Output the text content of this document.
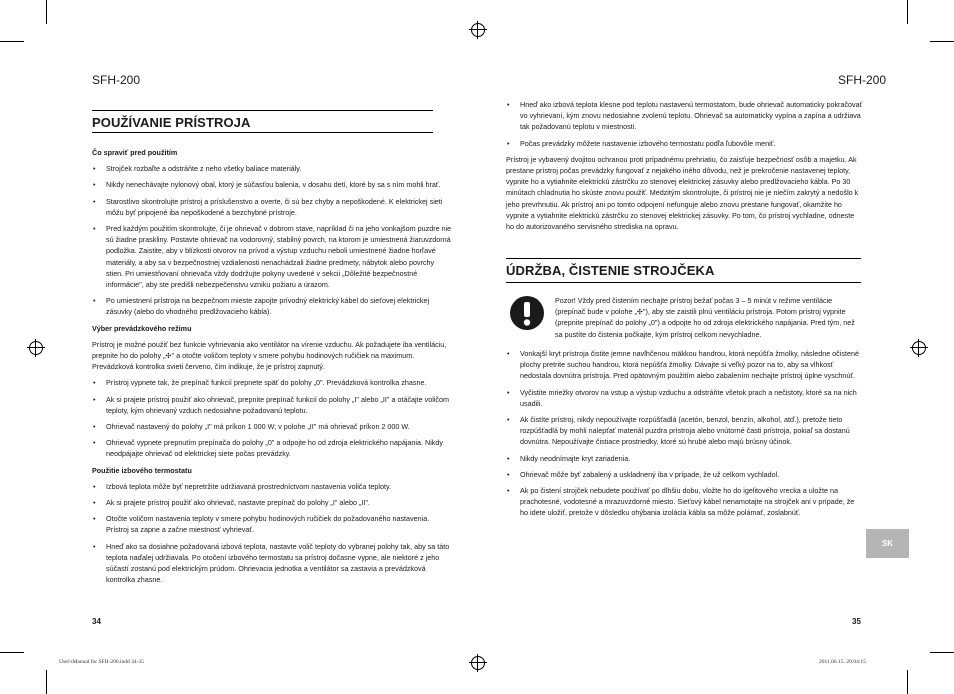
SFH-200	SFH-200
POUŽÍVANIE PRÍSTROJA
Čo spraviť pred použitím
• Strojček rozbaľte a odstráňte z neho všetky baliace materiály.
• Nikdy nenechávajte nylonový obal, ktorý je súčasťou balenia, v dosahu detí, ktoré by sa s ním mohli hrať.
• Starostlivo skontrolujte prístroj a príslušenstvo a overte, či sú bez chyby a nepoškodené. K elektrickej sieti môžu byť pripojené iba nepoškodené a bezchybné prístroje.
• Pred každým použitím skontrolujte, či je ohrievač v dobrom stave, napríklad či na jeho vonkajšom puzdre nie sú žiadne praskliny. Postavte ohrievač na vodorovný, stabilný povrch, na ktorom je umiestnená žiaruvzdorná podložka. Zaistite, aby v blízkosti otvorov na prívod a výstup vzduchu neboli umiestnené žiadne horľavé materiály, a aby sa v bezpečnostnej vzdialenosti nenachádzali žiadne predmety, nábytok alebo povrchy stien. Pri umiestňovaní ohrievača vždy dodržujte pokyny uvedené v sekcii „Dôležité bezpečnostné informácie", aby ste predišli nebezpečenstvu vzniku požiaru a úrazom.
• Po umiestnení prístroja na bezpečnom mieste zapojte prívodný elektrický kábel do sieťovej elektrickej zásuvky (alebo do vhodného predlžovacieho kábla).
Výber prevádzkového režimu

Prístroj je možné použiť bez funkcie vyhrievania ako ventilátor na vírenie vzduchu. Ak požadujete iba ventiláciu, prepnite ho do polohy „✣" a otočte voličom teploty v smere pohybu hodinových ručičiek na maximum. Prevádzková kontrolka svieti červeno, čím indikuje, že je prístroj zapnutý.

• Prístroj vypnete tak, že prepínač funkcií prepnete späť do polohy „0". Prevádzková kontrolka zhasne.
• Ak si prajete prístroj použiť ako ohrievač, prepnite prepínač funkcií do polohy „I" alebo „II" a otáčajte voličom teploty, kým ohrievaný vzduch nedosiahne požadovanú teplotu.
• Ohrievač nastavený do polohy „I" má príkon 1 000 W; v polohe „II" má ohrievač príkon 2 000 W.
• Ohrievač vypnete prepnutím prepínača do polohy „0" a odpojte ho od zdroja elektrického napájania. Nikdy neodpájajte ohrievač od elektrickej siete počas prevádzky.
Použitie izbového termostatu
• Izbová teplota môže byť nepretržite udržiavaná prostredníctvom nastavenia voliča teploty.
• Ak si prajete prístroj použiť ako ohrievač, nastavte prepínač do polohy „I" alebo „II".
• Otočte voličom nastavenia teploty v smere pohybu hodinových ručičiek do požadovaného nastavenia. Prístroj sa zapne a začne miestnosť vyhrievať.
• Hneď ako sa dosiahne požadovaná izbová teplota, nastavte volič teploty do vybranej polohy tak, aby sa táto teplota naďalej udržiavala. Po otočení izbového termostatu sa prístroj dočasne vypne, ale niektoré z jeho súčastí zostanú pod elektrickým prúdom. Ohrievacia jednotka a ventilátor sa zastavia a prevádzková kontrolka zhasne.
34
• Hneď ako izbová teplota klesne pod teplotu nastavenú termostatom, bude ohrievač automaticky pokračovať vo vyhrievaní, kým znovu nedosiahne zvolenú teplotu. Ohrievač sa automaticky vypína a zapína a udržiava tak požadovanú teplotu v miestnosti.
• Počas prevádzky môžete nastavenie izbového termostatu podľa ľubovôle meniť.

Prístroj je vybavený dvojitou ochranou proti prípadnému prehriatiu, čo zaisťuje bezpečnosť osôb a majetku. Ak prestane prístroj počas prevádzky fungovať z nejakého iného dôvodu, než je prekročenie nastavenej teploty, vypnite ho a vytiahnite elektrickú zástrčku zo stenovej elektrickej zásuvky alebo predlžovacieho kábla. Po 30 minútach chladnutia ho skúste znovu použiť. Medzitým skontrolujte, či prístroj nie je niečím zakrytý a nedošlo k jeho prevrhnutiu. Ak prístroj ani po tomto odpojení nefunguje alebo znovu prestane fungovať, okamžite ho vypnite a vytiahnite elektrickú zástrčku zo stenovej elektrickej zásuvky. Po tom, čo prístroj vychladne, odneste ho do autorizovaného servisného strediska na opravu.

ÚDRŽBA, ČISTENIE STROJČEKA

Pozor! Vždy pred čistením nechajte prístroj bežať počas 3 – 5 minút v režime ventilácie (prepínač bude v polohe „✣"), aby ste zaistili plnú ventiláciu prístroja. Potom prístroj vypnite (prepnite prepínač do polohy „0") a odpojte ho od zdroja elektrického napájania. Pred tým, než sa pustíte do čistenia počkajte, kým prístroj celkom nevychladne.

• Vonkajší kryt prístroja čistite jemne navlhčenou mäkkou handrou, ktorá nepúšťa žmolky, následne očistené plochy pretrite suchou handrou, ktorá nepúšťa žmolky. Dávajte si veľký pozor na to, aby sa vlhkosť nedostala dovnútra prístroja. Pred opätovným použitím alebo zabalením nechajte prístroj úplne vyschnúť.
• Vyčistite mriežky otvorov na vstup a výstup vzduchu a odstráňte všetok prach a nečistoty, ktoré sa na nich usadili.
• Ak čistíte prístroj, nikdy nepoužívajte rozpúšťadlá (acetón, benzol, benzín, alkohol, atď.), pretože tieto rozpúšťadlá by mohli nalepťať materiál puzdra prístroja alebo vnútorné časti prístroja, pokiaľ sa dostanú dovnútra. Nepoužívajte čistiace prostriedky, ktoré sú hrubé alebo majú brúsny účinok.
• Nikdy neodnímajte kryt zariadenia.
• Ohrievač môže byť zabalený a uskladnený iba v prípade, že už celkom vychladol.
• Ak po čistení strojček nebudete používať po dlhšiu dobu, vložte ho do igelitového vrecka a uložte na prachotesné, vodotesné a mrazuvzdorné miesto. Sieťový kábel nenamotajte na strojček ani v prípade, že ho idete uložiť, pretože v dôsledku ohýbania izolácia kábla sa môže polámať, zoslabnúť.
SK
35
User'sManual for SFH-200.indd 34-35	2011.06.15. 20:04:15
